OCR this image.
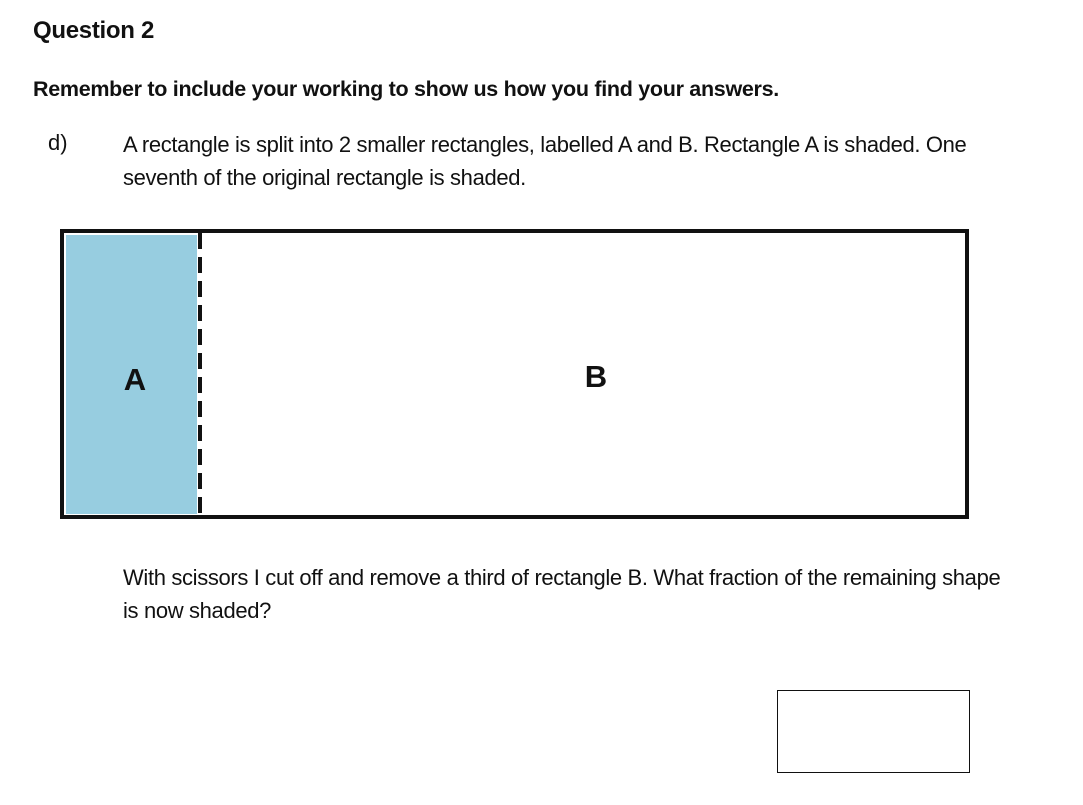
Question 2
Remember to include your working to show us how you find your answers.
d)	A rectangle is split into 2 smaller rectangles, labelled A and B. Rectangle A is shaded. One seventh of the original rectangle is shaded.
A	B
With scissors I cut off and remove a third of rectangle B. What fraction of the remaining shape is now shaded?
